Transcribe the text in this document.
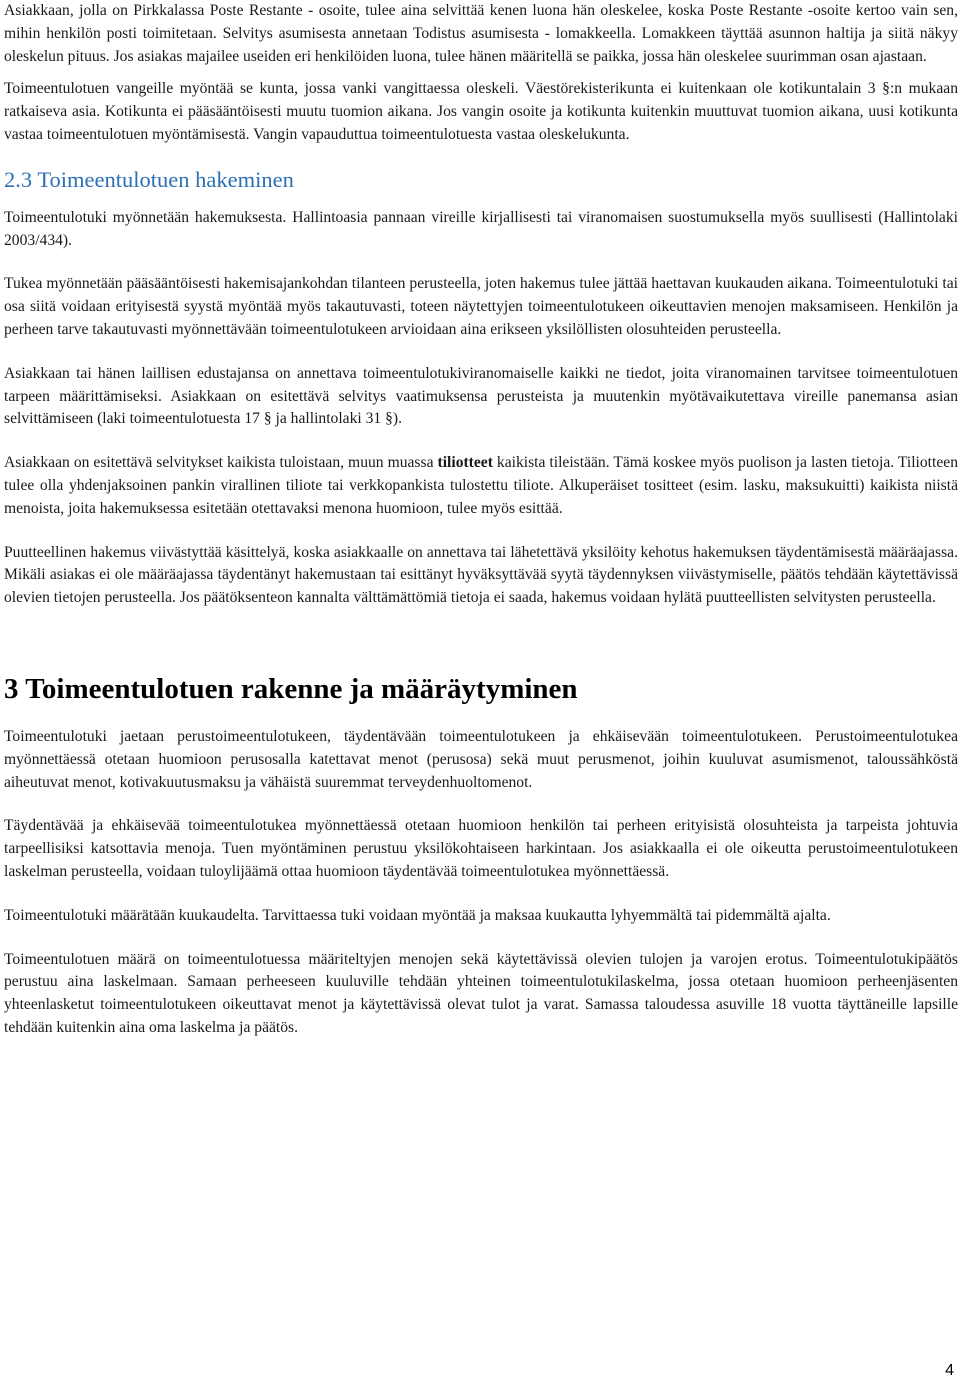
Asiakkaan, jolla on Pirkkalassa Poste Restante - osoite, tulee aina selvittää kenen luona hän oleskelee, koska Poste Restante -osoite kertoo vain sen, mihin henkilön posti toimitetaan. Selvitys asumisesta annetaan Todistus asumisesta - lomakkeella. Lomakkeen täyttää asunnon haltija ja siitä näkyy oleskelun pituus. Jos asiakas majailee useiden eri henkilöiden luona, tulee hänen määritellä se paikka, jossa hän oleskelee suurimman osan ajastaan.

Toimeentulotuen vangeille myöntää se kunta, jossa vanki vangittaessa oleskeli. Väestörekisterikunta ei kuitenkaan ole kotikuntalain 3 §:n mukaan ratkaiseva asia. Kotikunta ei pääsääntöisesti muutu tuomion aikana. Jos vangin osoite ja kotikunta kuitenkin muuttuvat tuomion aikana, uusi kotikunta vastaa toimeentulotuen myöntämisestä. Vangin vapauduttua toimeentulotuesta vastaa oleskelukunta.

2.3 Toimeentulotuen hakeminen

Toimeentulotuki myönnetään hakemuksesta. Hallintoasia pannaan vireille kirjallisesti tai viranomaisen suostumuksella myös suullisesti (Hallintolaki 2003/434).

Tukea myönnetään pääsääntöisesti hakemisajankohdan tilanteen perusteella, joten hakemus tulee jättää haettavan kuukauden aikana. Toimeentulotuki tai osa siitä voidaan erityisestä syystä myöntää myös takautuvasti, toteen näytettyjen toimeentulotukeen oikeuttavien menojen maksamiseen. Henkilön ja perheen tarve takautuvasti myönnettävään toimeentulotukeen arvioidaan aina erikseen yksilöllisten olosuhteiden perusteella.

Asiakkaan tai hänen laillisen edustajansa on annettava toimeentulotukiviranomaiselle kaikki ne tiedot, joita viranomainen tarvitsee toimeentulotuen tarpeen määrittämiseksi. Asiakkaan on esitettävä selvitys vaatimuksensa perusteista ja muutenkin myötävaikutettava vireille panemansa asian selvittämiseen (laki toimeentulotuesta 17 § ja hallintolaki 31 §).

Asiakkaan on esitettävä selvitykset kaikista tuloistaan, muun muassa tiliotteet kaikista tileistään. Tämä koskee myös puolison ja lasten tietoja. Tiliotteen tulee olla yhdenjaksoinen pankin virallinen tiliote tai verkkopankista tulostettu tiliote. Alkuperäiset tositteet (esim. lasku, maksukuitti) kaikista niistä menoista, joita hakemuksessa esitetään otettavaksi menona huomioon, tulee myös esittää.

Puutteellinen hakemus viivästyttää käsittelyä, koska asiakkaalle on annettava tai lähetettävä yksilöity kehotus hakemuksen täydentämisestä määräajassa. Mikäli asiakas ei ole määräajassa täydentänyt hakemustaan tai esittänyt hyväksyttävää syytä täydennyksen viivästymiselle, päätös tehdään käytettävissä olevien tietojen perusteella. Jos päätöksenteon kannalta välttämättömiä tietoja ei saada, hakemus voidaan hylätä puutteellisten selvitysten perusteella.

3 Toimeentulotuen rakenne ja määräytyminen

Toimeentulotuki jaetaan perustoimeentulotukeen, täydentävään toimeentulotukeen ja ehkäisevään toimeentulotukeen. Perustoimeentulotukea myönnettäessä otetaan huomioon perusosalla katettavat menot (perusosa) sekä muut perusmenot, joihin kuuluvat asumismenot, taloussähköstä aiheutuvat menot, kotivakuutusmaksu ja vähäistä suuremmat terveydenhuoltomenot.

Täydentävää ja ehkäisevää toimeentulotukea myönnettäessä otetaan huomioon henkilön tai perheen erityisistä olosuhteista ja tarpeista johtuvia tarpeellisiksi katsottavia menoja. Tuen myöntäminen perustuu yksilökohtaiseen harkintaan. Jos asiakkaalla ei ole oikeutta perustoimeentulotukeen laskelman perusteella, voidaan tuloylijäämä ottaa huomioon täydentävää toimeentulotukea myönnettäessä.

Toimeentulotuki määrätään kuukaudelta. Tarvittaessa tuki voidaan myöntää ja maksaa kuukautta lyhyemmältä tai pidemmältä ajalta.

Toimeentulotuen määrä on toimeentulotuessa määriteltyjen menojen sekä käytettävissä olevien tulojen ja varojen erotus. Toimeentulotukipäätös perustuu aina laskelmaan. Samaan perheeseen kuuluville tehdään yhteinen toimeentulotukilaskelma, jossa otetaan huomioon perheenjäsenten yhteenlasketut toimeentulotukeen oikeuttavat menot ja käytettävissä olevat tulot ja varat. Samassa taloudessa asuville 18 vuotta täyttäneille lapsille tehdään kuitenkin aina oma laskelma ja päätös.

4
